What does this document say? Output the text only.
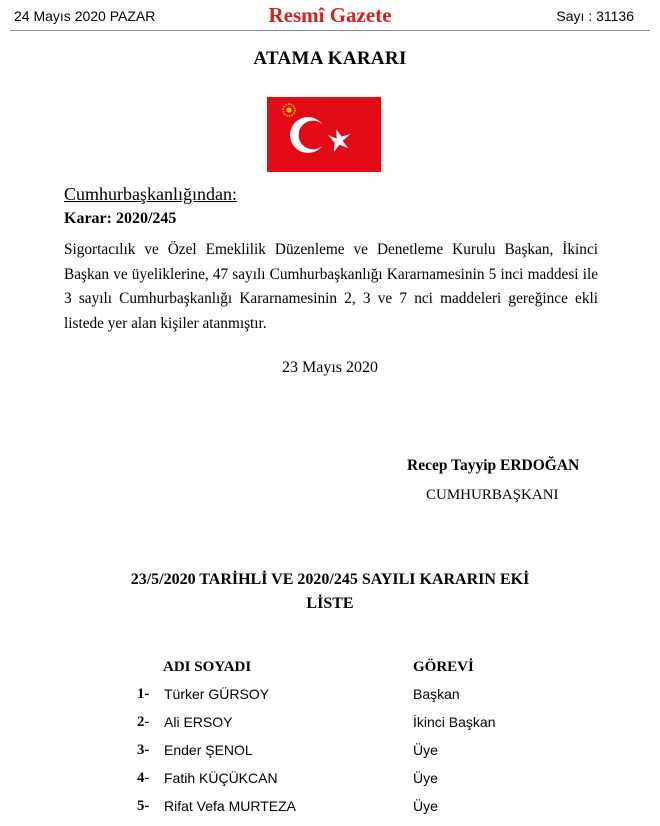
24 Mayıs 2020 PAZAR	Resmî Gazete	Sayı : 31136
ATAMA KARARI
Cumhurbaşkanlığından:
Karar: 2020/245
Sigortacılık ve Özel Emeklilik Düzenleme ve Denetleme Kurulu Başkan, İkinci Başkan ve üyeliklerine, 47 sayılı Cumhurbaşkanlığı Kararnamesinin 5 inci maddesi ile 3 sayılı Cumhurbaşkanlığı Kararnamesinin 2, 3 ve 7 nci maddeleri gereğince ekli listede yer alan kişiler atanmıştır.
23 Mayıs 2020
Recep Tayyip ERDOĞAN
CUMHURBAŞKANI
23/5/2020 TARİHLİ VE 2020/245 SAYILI KARARIN EKİ
LİSTE
ADI SOYADI	GÖREVİ
1- Türker GÜRSOY	Başkan
2- Ali ERSOY	İkinci Başkan
3- Ender ŞENOL	Üye
4- Fatih KÜÇÜKCAN	Üye
5- Rifat Vefa MURTEZA	Üye
